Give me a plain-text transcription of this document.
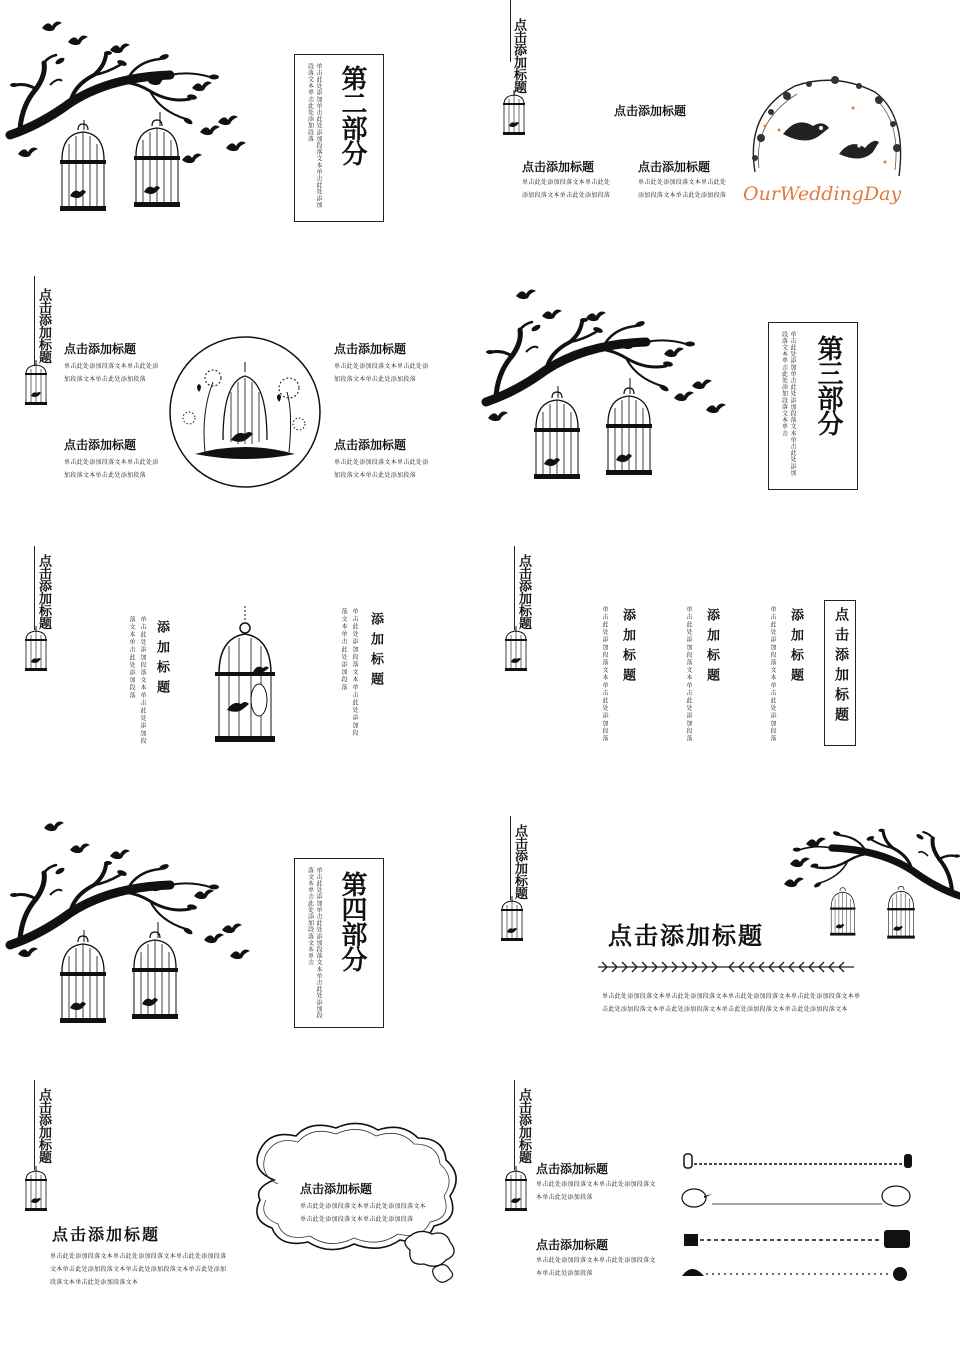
第二部分
单击此处添加单击此处添加段落文本单击此处添加段落文本单击此处添加段落
点击添加标题
点击添加标题
点击添加标题
单击此处添加段落文本单击此处添加段落文本单击此处添加段落
点击添加标题
单击此处添加段落文本单击此处添加段落文本单击此处添加段落 OurWeddingDay
点击添加标题 点击添加标题
单击此处添加段落文本单击此处添加段落文本单击此处添加段落
点击添加标题
单击此处添加段落文本单击此处添加段落文本单击此处添加段落
点击添加标题
单击此处添加段落文本单击此处添加段落文本单击此处添加段落
点击添加标题
单击此处添加段落文本单击此处添加段落文本单击此处添加段落
第三部分
单击此处添加单击此处添加段落文本单击此处添加段落文本单击此处添加段落文本单击
点击添加标题
单击此处添加段落文本单击此处添加段落文本单击此处添加段落	添加标题	添加标题
单击此处添加段落文本单击此处添加段落文本单击此处添加段落
点击添加标题
单击此处添加段落文本单击此处添加段落 添加标题	单击此处添加段落文本单击此处添加段落 添加标题	单击此处添加段落文本单击此处添加段落 添加标题 点击添加标题
第四部分
单击此处添加单击此处添加段落文本单击此处添加段落文本单击此处添加段落文本单击
点击添加标题
点击添加标题
单击此处添加段落文本单击此处添加段落文本单击此处添加段落文本单击此处添加段落文本单击此处添加段落文本单击此处添加段落文本单击此处添加段落文本单击此处添加段落文本
点击添加标题
点击添加标题
单击此处添加段落文本单击此处添加段落文本单击此处添加段落文本单击此处添加段落文本单击此处添加段落文本单击此处添加段落文本单击此处添加段落文本
点击添加标题
单击此处添加段落文本单击此处添加段落文本单击此处添加段落文本单击此处添加段落
点击添加标题
点击添加标题
单击此处添加段落文本单击此处添加段落文本单击此处添加段落
点击添加标题
单击此处添加段落文本单击此处添加段落文本单击此处添加段落
